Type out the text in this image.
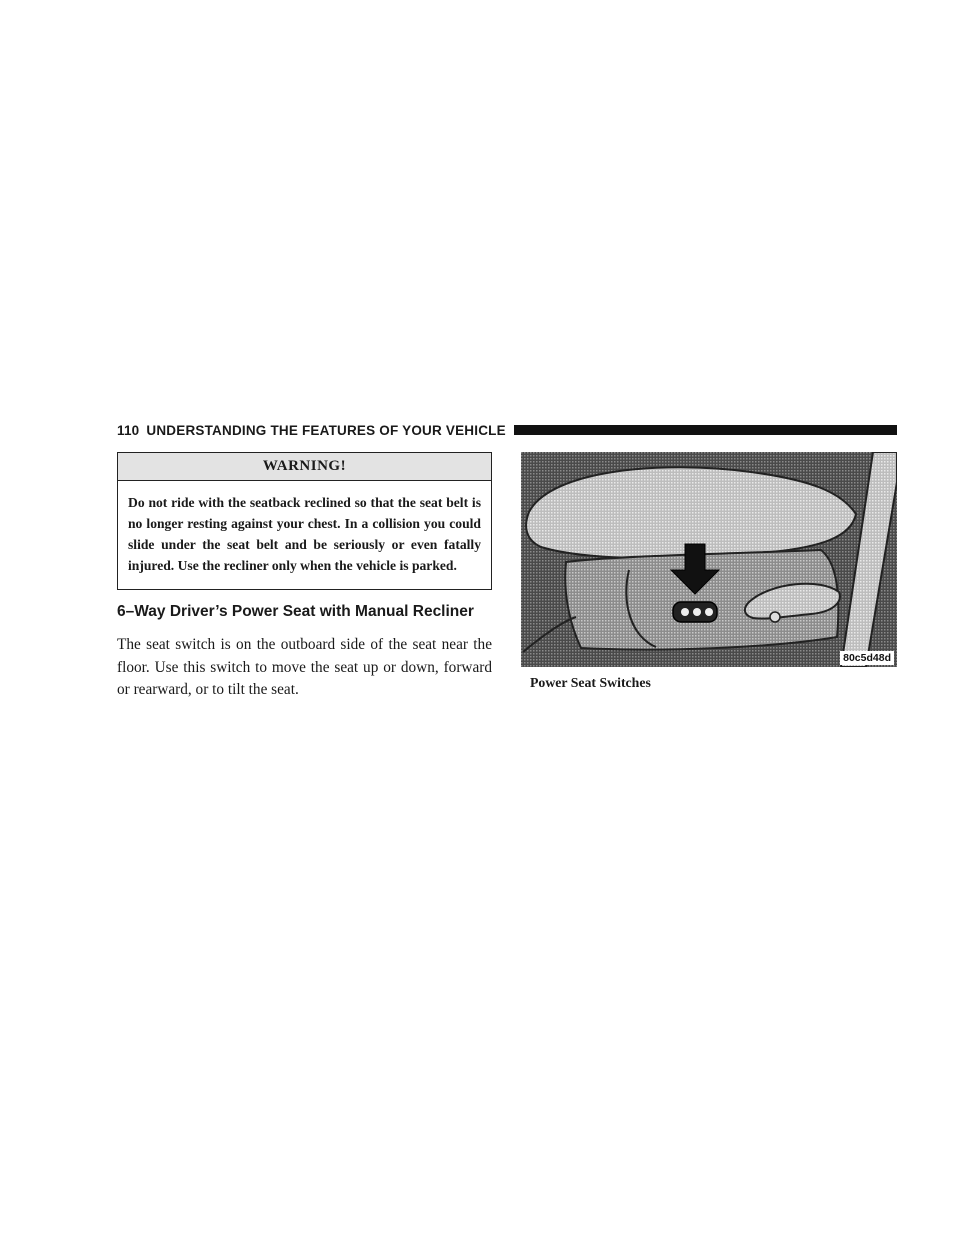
110 UNDERSTANDING THE FEATURES OF YOUR VEHICLE
WARNING!
Do not ride with the seatback reclined so that the seat belt is no longer resting against your chest. In a collision you could slide under the seat belt and be seriously or even fatally injured. Use the recliner only when the vehicle is parked.
6–Way Driver’s Power Seat with Manual Recliner
The seat switch is on the outboard side of the seat near the floor. Use this switch to move the seat up or down, forward or rearward, or to tilt the seat.
80c5d48d
Power Seat Switches
